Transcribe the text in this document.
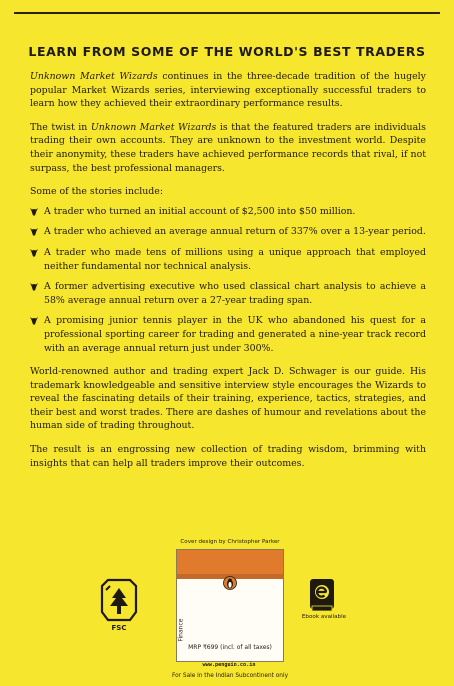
LEARN FROM SOME OF THE WORLD'S BEST TRADERS

Unknown Market Wizards continues in the three-decade tradition of the hugely popular Market Wizards series, interviewing exceptionally successful traders to learn how they achieved their extraordinary performance results.

The twist in Unknown Market Wizards is that the featured traders are individuals trading their own accounts. They are unknown to the investment world. Despite their anonymity, these traders have achieved performance records that rival, if not surpass, the best professional managers.

Some of the stories include:

A trader who turned an initial account of $2,500 into $50 million.
A trader who achieved an average annual return of 337% over a 13-year period.
A trader who made tens of millions using a unique approach that employed neither fundamental nor technical analysis.
A former advertising executive who used classical chart analysis to achieve a 58% average annual return over a 27-year trading span.
A promising junior tennis player in the UK who abandoned his quest for a professional sporting career for trading and generated a nine-year track record with an average annual return just under 300%.

World-renowned author and trading expert Jack D. Schwager is our guide. His trademark knowledgeable and sensitive interview style encourages the Wizards to reveal the fascinating details of their training, experience, tactics, strategies, and their best and worst trades. There are dashes of humour and revelations about the human side of trading throughout.

The result is an engrossing new collection of trading wisdom, brimming with insights that can help all traders improve their outcomes.

FSC
Cover design by Christopher Parker
Finance
MRP ₹699 (incl. of all taxes)
www.penguin.co.in
For Sale in the Indian Subcontinent only
Ebook available
